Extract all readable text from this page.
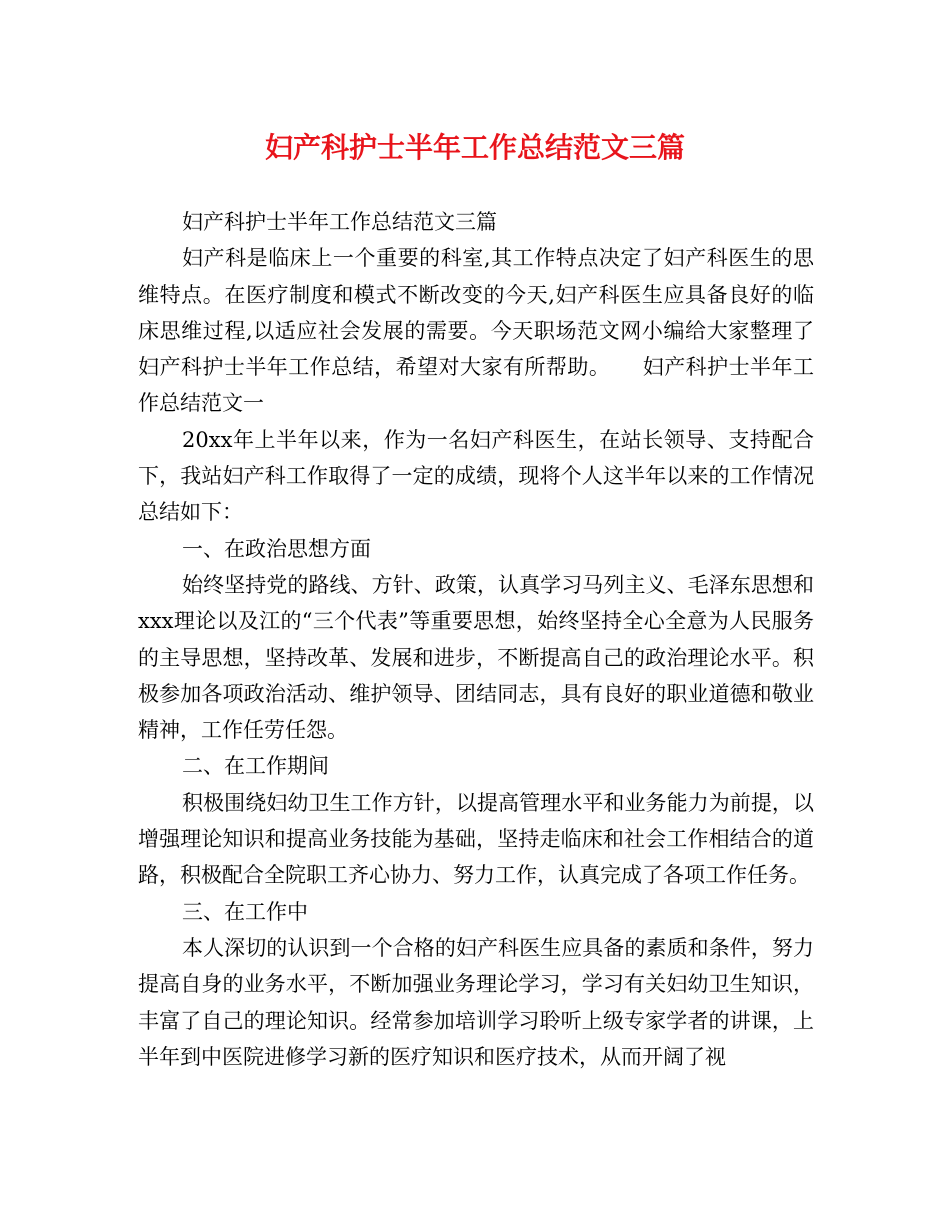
妇产科护士半年工作总结范文三篇

妇产科护士半年工作总结范文三篇

妇产科是临床上一个重要的科室,其工作特点决定了妇产科医生的思维特点。在医疗制度和模式不断改变的今天,妇产科医生应具备良好的临床思维过程,以适应社会发展的需要。今天职场范文网小编给大家整理了妇产科护士半年工作总结，希望对大家有所帮助。　　妇产科护士半年工作总结范文一

20xx年上半年以来，作为一名妇产科医生，在站长领导、支持配合下，我站妇产科工作取得了一定的成绩，现将个人这半年以来的工作情况总结如下：

一、在政治思想方面

始终坚持党的路线、方针、政策，认真学习马列主义、毛泽东思想和xxx理论以及江的“三个代表”等重要思想，始终坚持全心全意为人民服务的主导思想，坚持改革、发展和进步，不断提高自己的政治理论水平。积极参加各项政治活动、维护领导、团结同志，具有良好的职业道德和敬业精神，工作任劳任怨。

二、在工作期间

积极围绕妇幼卫生工作方针，以提高管理水平和业务能力为前提，以增强理论知识和提高业务技能为基础，坚持走临床和社会工作相结合的道路，积极配合全院职工齐心协力、努力工作，认真完成了各项工作任务。

三、在工作中

本人深切的认识到一个合格的妇产科医生应具备的素质和条件，努力提高自身的业务水平，不断加强业务理论学习，学习有关妇幼卫生知识，丰富了自己的理论知识。经常参加培训学习聆听上级专家学者的讲课，上半年到中医院进修学习新的医疗知识和医疗技术，从而开阔了视
